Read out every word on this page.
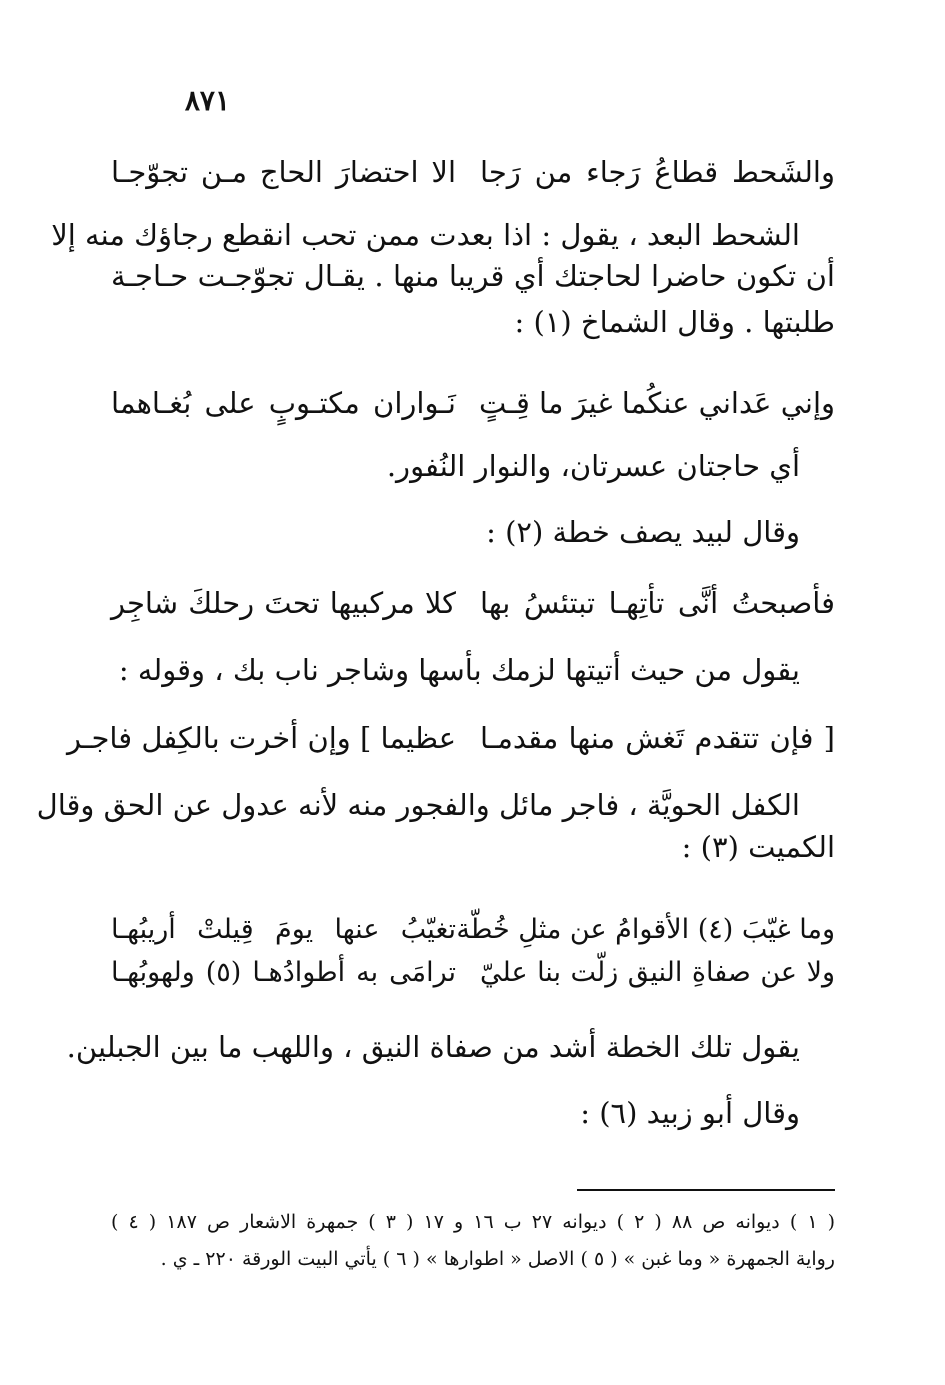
٨٧١
والشَحط قطاعُ رَجاء من رَجا
الا احتضارَ الحاج مـن تجوّجـا
الشحط البعد ، يقول : اذا بعدت ممن تحب انقطع رجاؤك منه إلا
أن تكون حاضرا لحاجتك أي قريبا منها . يقـال تجوّجـت حـاجـة
طلبتها . وقال الشماخ (١) :
وإني عَداني عنكُما غيرَ ما قِـتٍ
نَـواران مكتـوبٍ على بُغـاهما
أي حاجتان عسرتان، والنوار النُفور.
وقال لبيد يصف خطة (٢) :
فأصبحتُ أنَّى تأتِهـا تبتئسُ بها
كلا مركبيها تحتَ رحلكَ شاجِر
يقول من حيث أتيتها لزمك بأسها وشاجر ناب بك ، وقوله :
[ فإن تتقدم تَغش منها مقدمـا
عظيما ] وإن أخرت بالكِفل فاجـر
الكفل الحويَّة ، فاجر مائل والفجور منه لأنه عدول عن الحق وقال
الكميت (٣) :
وما غيّبَ (٤) الأقوامُ عن مثلِ خُطّة
تغيّبُ عنها يومَ قِيلتْ أريبُهـا
ولا عن صفاةِ النيق زلّت بنا عليّ
ترامَى به أطوادُهـا (٥) ولهوبُهـا
يقول تلك الخطة أشد من صفاة النيق ، واللهب ما بين الجبلين.
وقال أبو زبيد (٦) :
( ١ ) ديوانه ص ٨٨ ( ٢ ) ديوانه ٢٧ ب ١٦ و ١٧ ( ٣ ) جمهرة الاشعار ص ١٨٧ ( ٤ )
رواية الجمهرة « وما غبن » ( ٥ ) الاصل « اطوارها » ( ٦ ) يأتي البيت الورقة ٢٢٠ ـ ي .
